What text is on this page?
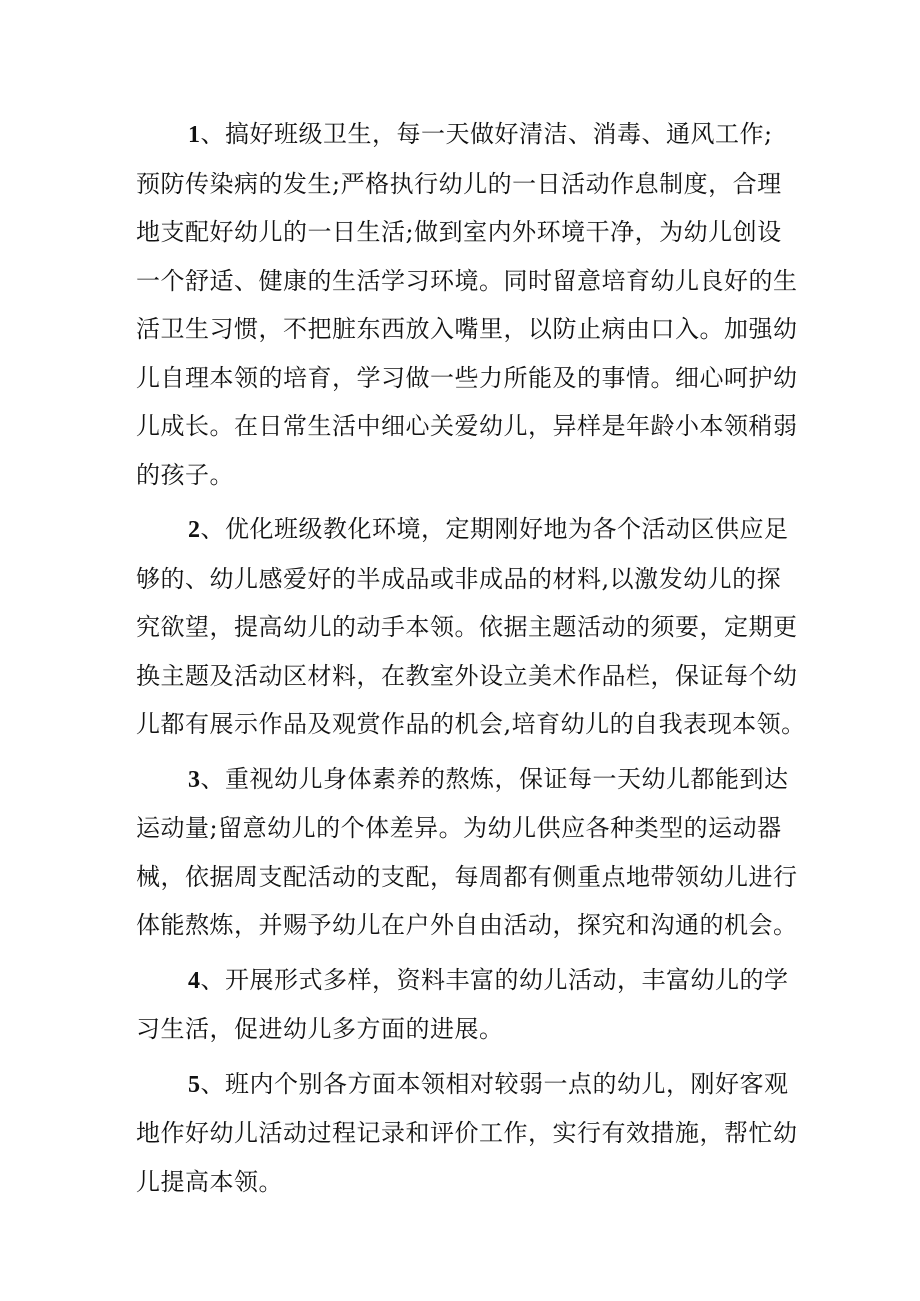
1、搞好班级卫生，每一天做好清洁、消毒、通风工作;
预防传染病的发生;严格执行幼儿的一日活动作息制度，合理
地支配好幼儿的一日生活;做到室内外环境干净，为幼儿创设
一个舒适、健康的生活学习环境。同时留意培育幼儿良好的生
活卫生习惯，不把脏东西放入嘴里，以防止病由口入。加强幼
儿自理本领的培育，学习做一些力所能及的事情。细心呵护幼
儿成长。在日常生活中细心关爱幼儿，异样是年龄小本领稍弱
的孩子。

2、优化班级教化环境，定期刚好地为各个活动区供应足
够的、幼儿感爱好的半成品或非成品的材料,以激发幼儿的探
究欲望，提高幼儿的动手本领。依据主题活动的须要，定期更
换主题及活动区材料，在教室外设立美术作品栏，保证每个幼
儿都有展示作品及观赏作品的机会,培育幼儿的自我表现本领。

3、重视幼儿身体素养的熬炼，保证每一天幼儿都能到达
运动量;留意幼儿的个体差异。为幼儿供应各种类型的运动器
械，依据周支配活动的支配，每周都有侧重点地带领幼儿进行
体能熬炼，并赐予幼儿在户外自由活动，探究和沟通的机会。

4、开展形式多样，资料丰富的幼儿活动，丰富幼儿的学
习生活，促进幼儿多方面的进展。

5、班内个别各方面本领相对较弱一点的幼儿，刚好客观
地作好幼儿活动过程记录和评价工作，实行有效措施，帮忙幼
儿提高本领。
